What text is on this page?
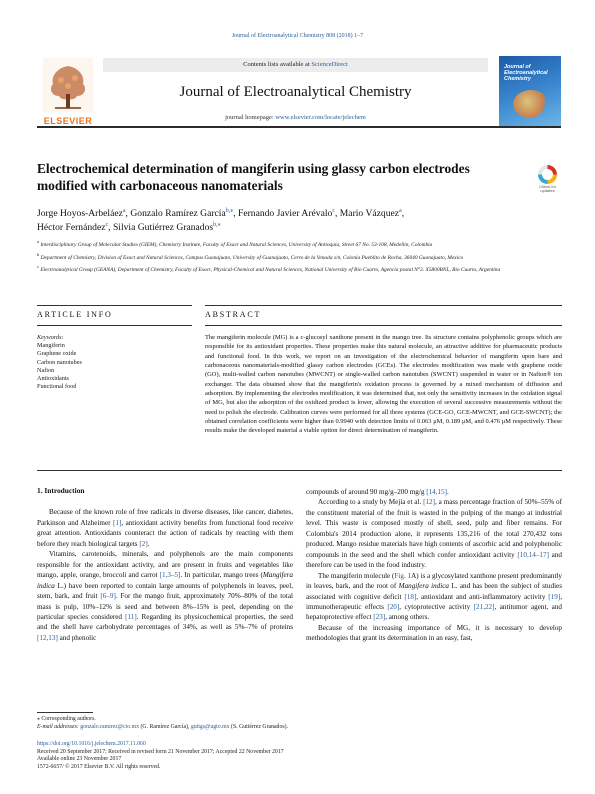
Journal of Electroanalytical Chemistry 808 (2018) 1–7
ELSEVIER
Contents lists available at ScienceDirect
Journal of Electroanalytical Chemistry
journal homepage: www.elsevier.com/locate/jelechem
Journal of Electroanalytical Chemistry
Electrochemical determination of mangiferin using glassy carbon electrodes modified with carbonaceous nanomaterials	Check for updates
Jorge Hoyos-Arbeláez$^a$, Gonzalo Ramírez García$^{b,⁎}$, Fernando Javier Arévalo$^c$, Mario Vázquez$^a$,
Héctor Fernández$^c$, Silvia Gutiérrez Granados$^{b,⁎}$

$^a$ Interdisciplinary Group of Molecular Studies (GIEM), Chemistry Institute, Faculty of Exact and Natural Sciences, University of Antioquia, Street 67 No. 53-108, Medellín, Colombia

$^b$ Department of Chemistry, Division of Exact and Natural Sciences, Campus Guanajuato, University of Guanajuato, Cerro de la Venada s/n, Colonia Pueblito de Rocha, 36040 Guanajuato, Mexico

$^c$ Electroanalytical Group (GEANA), Department of Chemistry, Faculty of Exact, Physical-Chemical and Natural Sciences, National University of Río Cuarto, Agencia postal N°3. X5800BNL, Río Cuarto, Argentina

ARTICLE INFO	ABSTRACT
Keywords:
Mangiferin
Graphene oxide
Carbon nanotubes
Nafion
Antioxidants
Functional food
The mangiferin molecule (MG) is a c-glucosyl xanthone present in the mango tree. Its structure contains polyphenolic groups which are responsible for its antioxidant properties. These properties make this natural molecule, an attractive additive for pharmaceutic products and functional food. In this work, we report on an investigation of the electrochemical behavior of mangiferin upon bare and carbonaceous nanomaterials-modified glassy carbon electrodes (GCEs). The electrodes modification was made with graphene oxide (GO), multi-walled carbon nanotubes (MWCNT) or single-walled carbon nanotubes (SWCNT) suspended in water or in Nafion® ion exchanger. The data obtained show that the mangiferin's oxidation process is governed by a mixed mechanism of diffusion and adsorption. By implementing the electrodes modification, it was determined that, not only the sensitivity increases in the oxidation signal of MG, but also the adsorption of the oxidized product is lower, allowing the execution of several successive measurements without the need to polish the electrode. Calibration curves were performed for all three systems (GCE-GO, GCE-MWCNT, and GCE-SWCNT); the obtained correlation coefficients were higher than 0.9940 with detection limits of 0.063 μM, 0.189 μM, and 0.476 μM respectively. These results make the developed material a viable option for direct determination of mangiferin.

1. Introduction

Because of the known role of free radicals in diverse diseases, like cancer, diabetes, Parkinson and Alzheimer [1], antioxidant activity benefits from functional food receive great attention. Antioxidants counteract the action of radicals by reacting with them before they reach biological targets [2].

Vitamins, carotenoids, minerals, and polyphenols are the main components responsible for the antioxidant activity, and are present in fruits and vegetables like mango, apple, orange, broccoli and carrot [1,3–5]. In particular, mango trees (Mangifera indica L.) have been reported to contain large amounts of polyphenols in leaves, peel, stem, bark, and fruit [6–9]. For the mango fruit, approximately 70%–80% of the total mass is pulp, 10%–12% is seed and between 8%–15% is peel, depending on the particular species considered [11]. Regarding its physicochemical properties, the seed and the shell have carbohydrate percentages of 34%, as well as 5%–7% of proteins [12,13] and phenolic

compounds of around 90 mg/g–200 mg/g [14,15].

According to a study by Mejía et al. [12], a mass percentage fraction of 50%–55% of the constituent material of the fruit is wasted in the pulping of the mango at industrial level. This waste is composed mostly of shell, seed, pulp and fiber remains. For Colombia's 2014 production alone, it represents 135,216 of the total 270,432 tons produced. Mango residue materials have high contents of ascorbic acid and polyphenolic compounds in the seed and the shell which confer antioxidant activity [10,14–17] and therefore can be used in the food industry.

The mangiferin molecule (Fig. 1A) is a glycosylated xanthone present predominantly in leaves, bark, and the root of Mangifera indica L. and has been the subject of studies associated with cognitive deficit [18], antioxidant and anti-inflammatory activity [19], immunotherapeutic effects [20], cytoprotective activity [21,22], antitumor agent, and hepatoprotective effect [23], among others.

Because of the increasing importance of MG, it is necessary to develop methodologies that grant its determination in an easy, fast,

⁎ Corresponding authors.
E-mail addresses: gonzalo.ramirez@cio.mx (G. Ramírez García), gutigs@ugto.mx (S. Gutiérrez Granados).
https://doi.org/10.1016/j.jelechem.2017.11.060
Received 20 September 2017; Received in revised form 21 November 2017; Accepted 22 November 2017
Available online 23 November 2017
1572-6657/ © 2017 Elsevier B.V. All rights reserved.
